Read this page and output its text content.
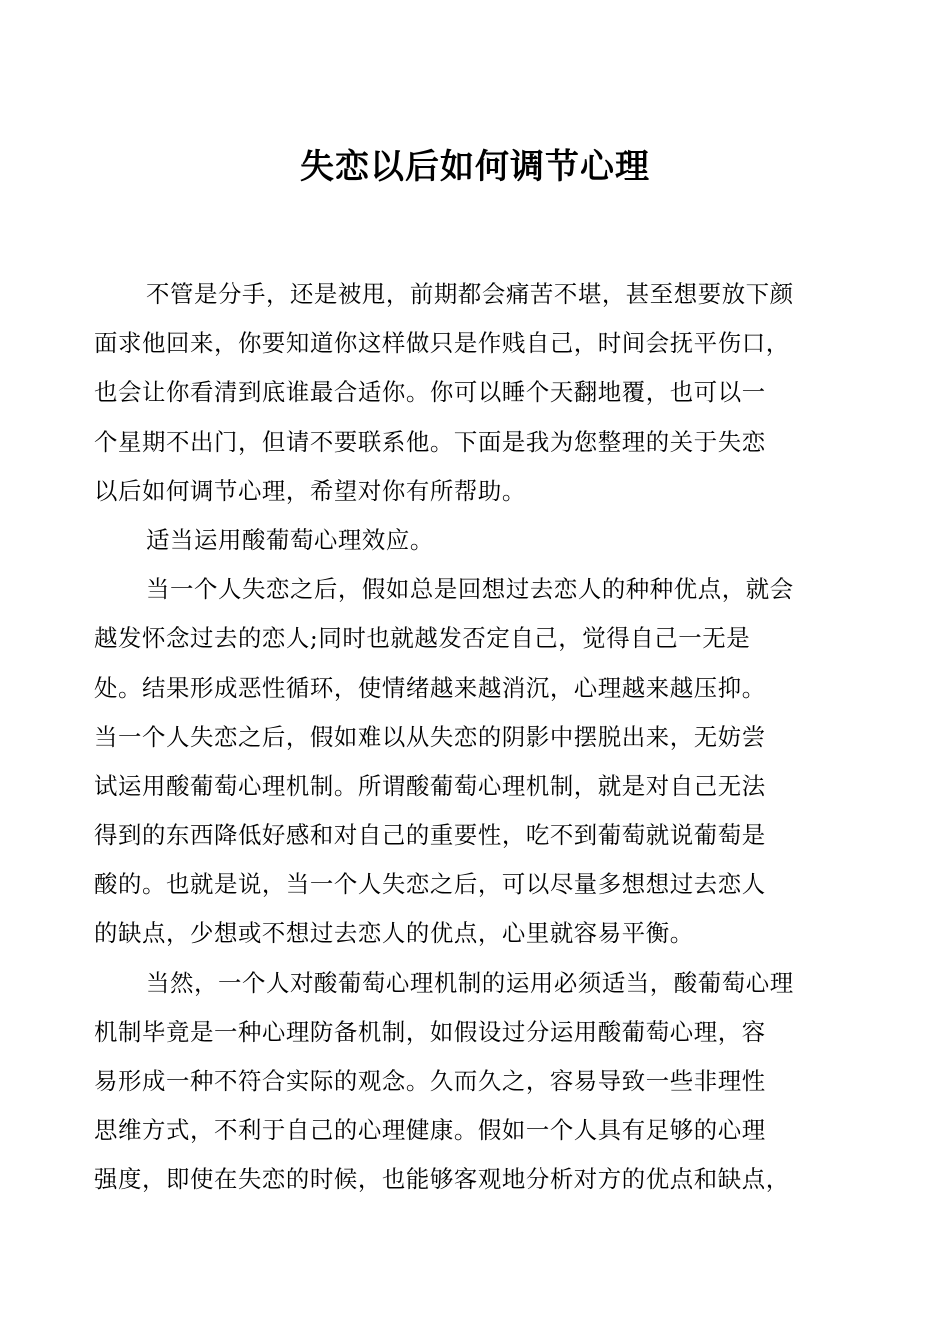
失恋以后如何调节心理
不管是分手，还是被甩，前期都会痛苦不堪，甚至想要放下颜
面求他回来，你要知道你这样做只是作贱自己，时间会抚平伤口，
也会让你看清到底谁最合适你。你可以睡个天翻地覆，也可以一
个星期不出门，但请不要联系他。下面是我为您整理的关于失恋
以后如何调节心理，希望对你有所帮助。
适当运用酸葡萄心理效应。
当一个人失恋之后，假如总是回想过去恋人的种种优点，就会
越发怀念过去的恋人;同时也就越发否定自己，觉得自己一无是
处。结果形成恶性循环，使情绪越来越消沉，心理越来越压抑。
当一个人失恋之后，假如难以从失恋的阴影中摆脱出来，无妨尝
试运用酸葡萄心理机制。所谓酸葡萄心理机制，就是对自己无法
得到的东西降低好感和对自己的重要性，吃不到葡萄就说葡萄是
酸的。也就是说，当一个人失恋之后，可以尽量多想想过去恋人
的缺点，少想或不想过去恋人的优点，心里就容易平衡。
当然，一个人对酸葡萄心理机制的运用必须适当，酸葡萄心理
机制毕竟是一种心理防备机制，如假设过分运用酸葡萄心理，容
易形成一种不符合实际的观念。久而久之，容易导致一些非理性
思维方式，不利于自己的心理健康。假如一个人具有足够的心理
强度，即使在失恋的时候，也能够客观地分析对方的优点和缺点，
